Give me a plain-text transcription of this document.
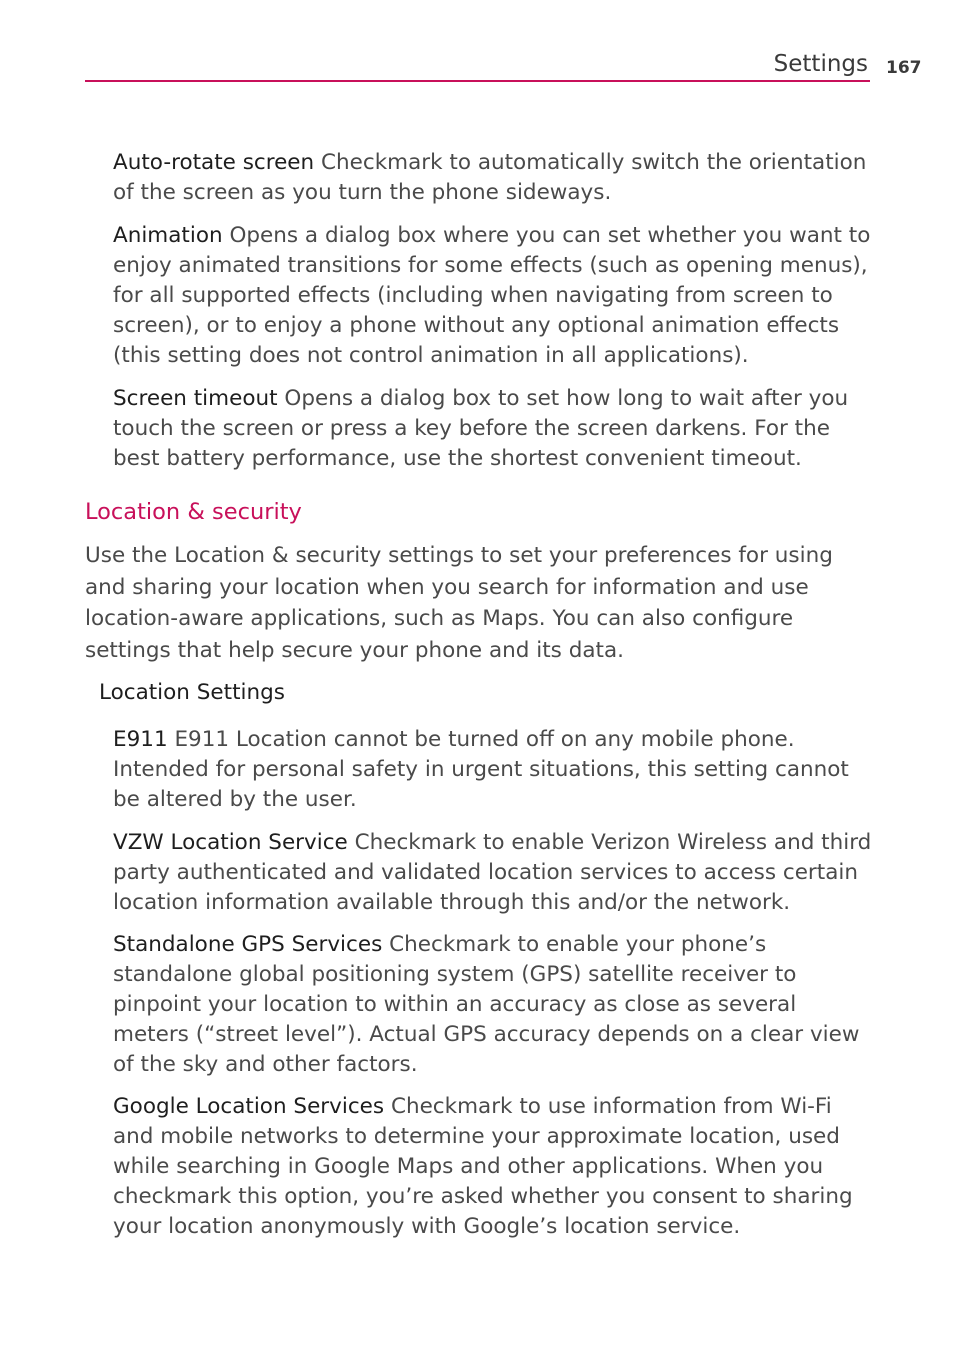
Settings 167
Auto-rotate screen Checkmark to automatically switch the orientation of the screen as you turn the phone sideways.
Animation Opens a dialog box where you can set whether you want to enjoy animated transitions for some effects (such as opening menus), for all supported effects (including when navigating from screen to screen), or to enjoy a phone without any optional animation effects (this setting does not control animation in all applications).
Screen timeout Opens a dialog box to set how long to wait after you touch the screen or press a key before the screen darkens. For the best battery performance, use the shortest convenient timeout.
Location & security
Use the Location & security settings to set your preferences for using and sharing your location when you search for information and use location-aware applications, such as Maps. You can also configure settings that help secure your phone and its data.
Location Settings
E911 E911 Location cannot be turned off on any mobile phone. Intended for personal safety in urgent situations, this setting cannot be altered by the user.
VZW Location Service Checkmark to enable Verizon Wireless and third party authenticated and validated location services to access certain location information available through this and/or the network.
Standalone GPS Services Checkmark to enable your phone’s standalone global positioning system (GPS) satellite receiver to pinpoint your location to within an accuracy as close as several meters (“street level”). Actual GPS accuracy depends on a clear view of the sky and other factors.
Google Location Services Checkmark to use information from Wi-Fi and mobile networks to determine your approximate location, used while searching in Google Maps and other applications. When you checkmark this option, you’re asked whether you consent to sharing your location anonymously with Google’s location service.
